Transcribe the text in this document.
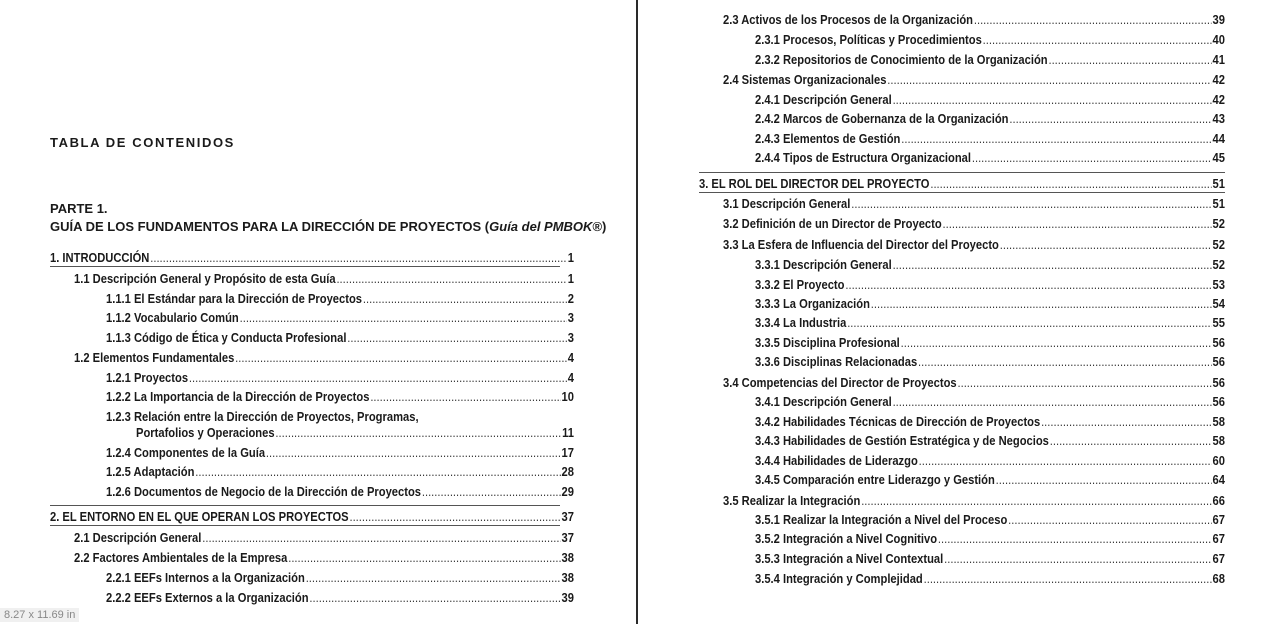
TABLA DE CONTENIDOS
PARTE 1.
GUÍA DE LOS FUNDAMENTOS PARA LA DIRECCIÓN DE PROYECTOS (Guía del PMBOK®)
1. INTRODUCCIÓN .....	1
1.1 Descripción General y Propósito de esta Guía .....	1
1.1.1 El Estándar para la Dirección de Proyectos .....	2
1.1.2 Vocabulario Común .....	3
1.1.3 Código de Ética y Conducta Profesional .....	3
1.2 Elementos Fundamentales .....	4
1.2.1 Proyectos .....	4
1.2.2 La Importancia de la Dirección de Proyectos .....	10
1.2.3 Relación entre la Dirección de Proyectos, Programas,
Portafolios y Operaciones .....	11
1.2.4 Componentes de la Guía .....	17
1.2.5 Adaptación .....	28
1.2.6 Documentos de Negocio de la Dirección de Proyectos .....	29
2. EL ENTORNO EN EL QUE OPERAN LOS PROYECTOS .....	37
2.1 Descripción General .....	37
2.2 Factores Ambientales de la Empresa .....	38
2.2.1 EEFs Internos a la Organización .....	38
2.2.2 EEFs Externos a la Organización .....	39
2.3 Activos de los Procesos de la Organización .....	39
2.3.1 Procesos, Políticas y Procedimientos .....	40
2.3.2 Repositorios de Conocimiento de la Organización .....	41
2.4 Sistemas Organizacionales .....	42
2.4.1 Descripción General .....	42
2.4.2 Marcos de Gobernanza de la Organización .....	43
2.4.3 Elementos de Gestión .....	44
2.4.4 Tipos de Estructura Organizacional .....	45
3. EL ROL DEL DIRECTOR DEL PROYECTO .....	51
3.1 Descripción General .....	51
3.2 Definición de un Director de Proyecto .....	52
3.3 La Esfera de Influencia del Director del Proyecto .....	52
3.3.1 Descripción General .....	52
3.3.2 El Proyecto .....	53
3.3.3 La Organización .....	54
3.3.4 La Industria .....	55
3.3.5 Disciplina Profesional .....	56
3.3.6 Disciplinas Relacionadas .....	56
3.4 Competencias del Director de Proyectos .....	56
3.4.1 Descripción General .....	56
3.4.2 Habilidades Técnicas de Dirección de Proyectos .....	58
3.4.3 Habilidades de Gestión Estratégica y de Negocios .....	58
3.4.4 Habilidades de Liderazgo .....	60
3.4.5 Comparación entre Liderazgo y Gestión .....	64
3.5 Realizar la Integración .....	66
3.5.1 Realizar la Integración a Nivel del Proceso .....	67
3.5.2 Integración a Nivel Cognitivo .....	67
3.5.3 Integración a Nivel Contextual .....	67
3.5.4 Integración y Complejidad .....	68
8.27 x 11.69 in
